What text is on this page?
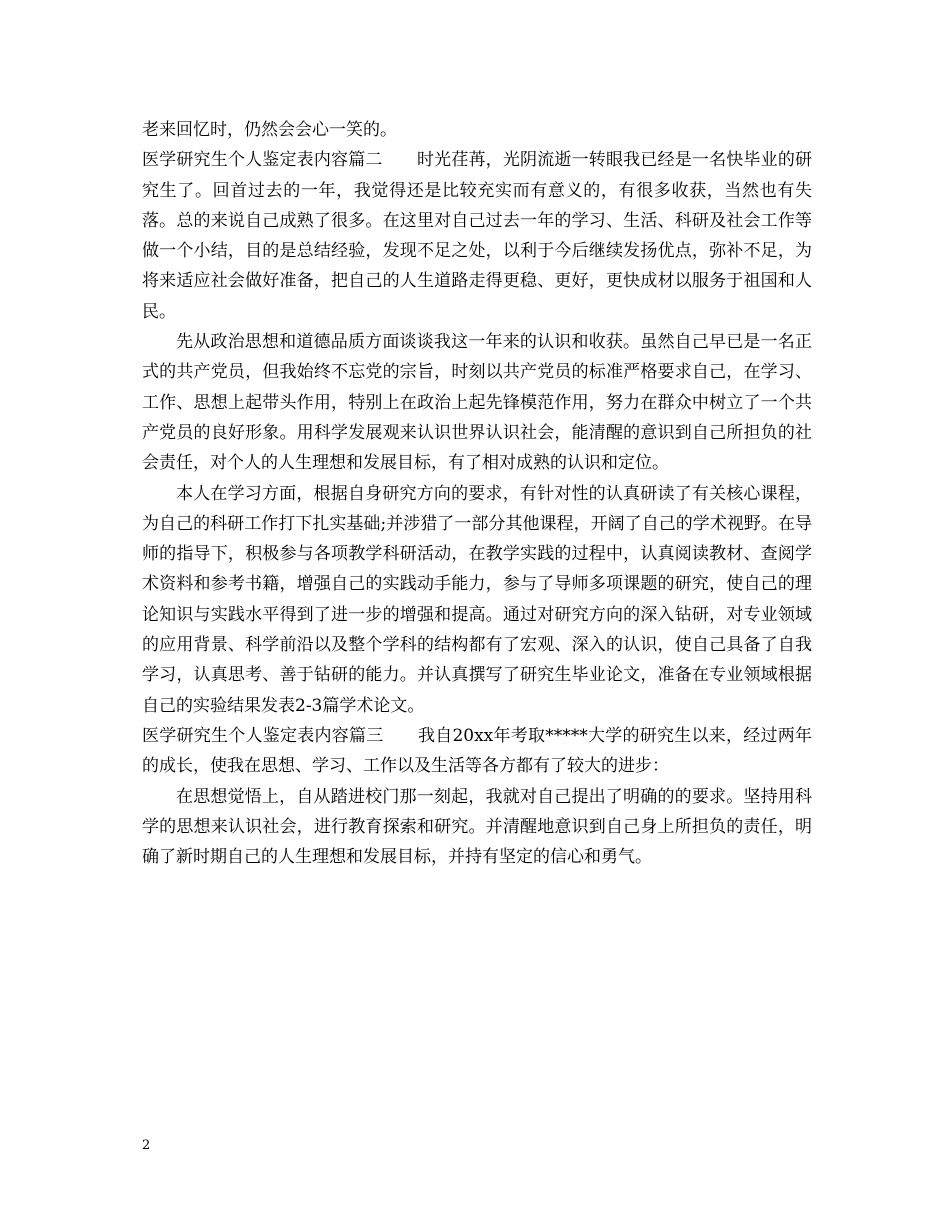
老来回忆时，仍然会会心一笑的。

医学研究生个人鉴定表内容篇二　　时光荏苒，光阴流逝一转眼我已经是一名快毕业的研究生了。回首过去的一年，我觉得还是比较充实而有意义的，有很多收获，当然也有失落。总的来说自己成熟了很多。在这里对自己过去一年的学习、生活、科研及社会工作等做一个小结，目的是总结经验，发现不足之处，以利于今后继续发扬优点，弥补不足，为将来适应社会做好准备，把自己的人生道路走得更稳、更好，更快成材以服务于祖国和人民。

先从政治思想和道德品质方面谈谈我这一年来的认识和收获。虽然自己早已是一名正式的共产党员，但我始终不忘党的宗旨，时刻以共产党员的标准严格要求自己，在学习、工作、思想上起带头作用，特别上在政治上起先锋模范作用，努力在群众中树立了一个共产党员的良好形象。用科学发展观来认识世界认识社会，能清醒的意识到自己所担负的社会责任，对个人的人生理想和发展目标，有了相对成熟的认识和定位。

本人在学习方面，根据自身研究方向的要求，有针对性的认真研读了有关核心课程，为自己的科研工作打下扎实基础;并涉猎了一部分其他课程，开阔了自己的学术视野。在导师的指导下，积极参与各项教学科研活动，在教学实践的过程中，认真阅读教材、查阅学术资料和参考书籍，增强自己的实践动手能力，参与了导师多项课题的研究，使自己的理论知识与实践水平得到了进一步的增强和提高。通过对研究方向的深入钻研，对专业领域的应用背景、科学前沿以及整个学科的结构都有了宏观、深入的认识，使自己具备了自我学习，认真思考、善于钻研的能力。并认真撰写了研究生毕业论文，准备在专业领域根据自己的实验结果发表2-3篇学术论文。

医学研究生个人鉴定表内容篇三　　我自20xx年考取*****大学的研究生以来，经过两年的成长，使我在思想、学习、工作以及生活等各方都有了较大的进步：

在思想觉悟上，自从踏进校门那一刻起，我就对自己提出了明确的的要求。坚持用科学的思想来认识社会，进行教育探索和研究。并清醒地意识到自己身上所担负的责任，明确了新时期自己的人生理想和发展目标，并持有坚定的信心和勇气。

2
